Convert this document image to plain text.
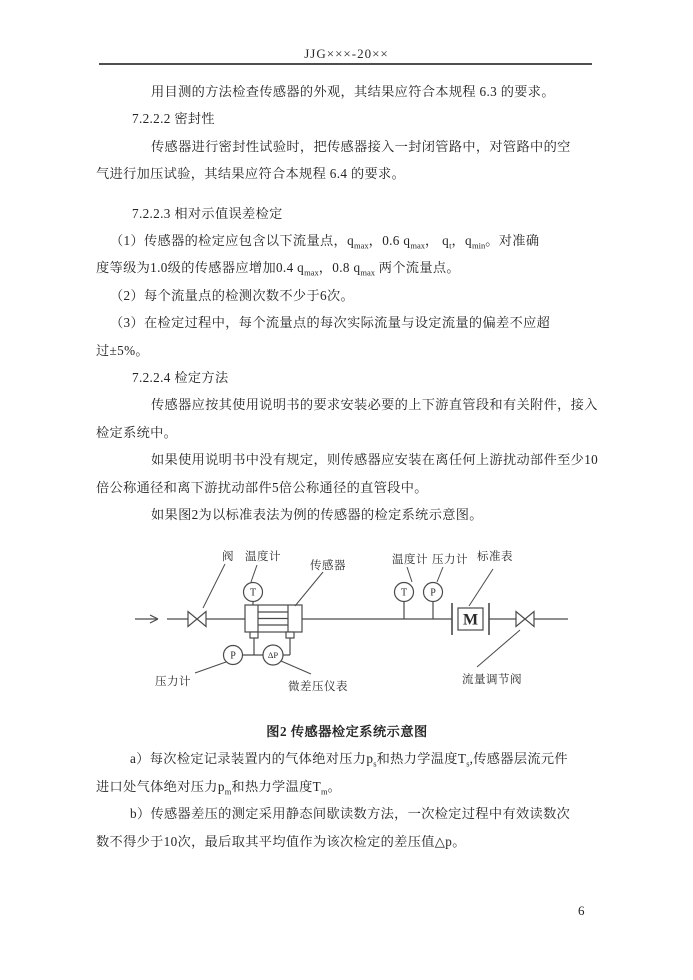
JJG×××-20××
用目测的方法检查传感器的外观，其结果应符合本规程 6.3 的要求。
7.2.2.2 密封性
传感器进行密封性试验时，把传感器接入一封闭管路中，对管路中的空
气进行加压试验，其结果应符合本规程 6.4 的要求。
7.2.2.3 相对示值误差检定
（1）传感器的检定应包含以下流量点，$q_{max}$，0.6 $q_{max}$， $q_t$，$q_{min}$。对准确
度等级为1.0级的传感器应增加0.4 $q_{max}$，0.8 $q_{max}$ 两个流量点。
（2）每个流量点的检测次数不少于6次。
（3）在检定过程中，每个流量点的每次实际流量与设定流量的偏差不应超
过±5%。
7.2.2.4 检定方法
传感器应按其使用说明书的要求安装必要的上下游直管段和有关附件，接入
检定系统中。
如果使用说明书中没有规定，则传感器应安装在离任何上游扰动部件至少10
倍公称通径和离下游扰动部件5倍公称通径的直管段中。
如果图2为以标准表法为例的传感器的检定系统示意图。
阀 温度计
传感器	温度计 压力计 标准表
压力计	微差压仪表
流量调节阀
T	T P
P	ΔP
M
图2 传感器检定系统示意图
a）每次检定记录装置内的气体绝对压力$p_s$和热力学温度$T_s$,传感器层流元件
进口处气体绝对压力$p_m$和热力学温度$T_m$。
b）传感器差压的测定采用静态间歇读数方法，一次检定过程中有效读数次
数不得少于10次，最后取其平均值作为该次检定的差压值△p。
6
